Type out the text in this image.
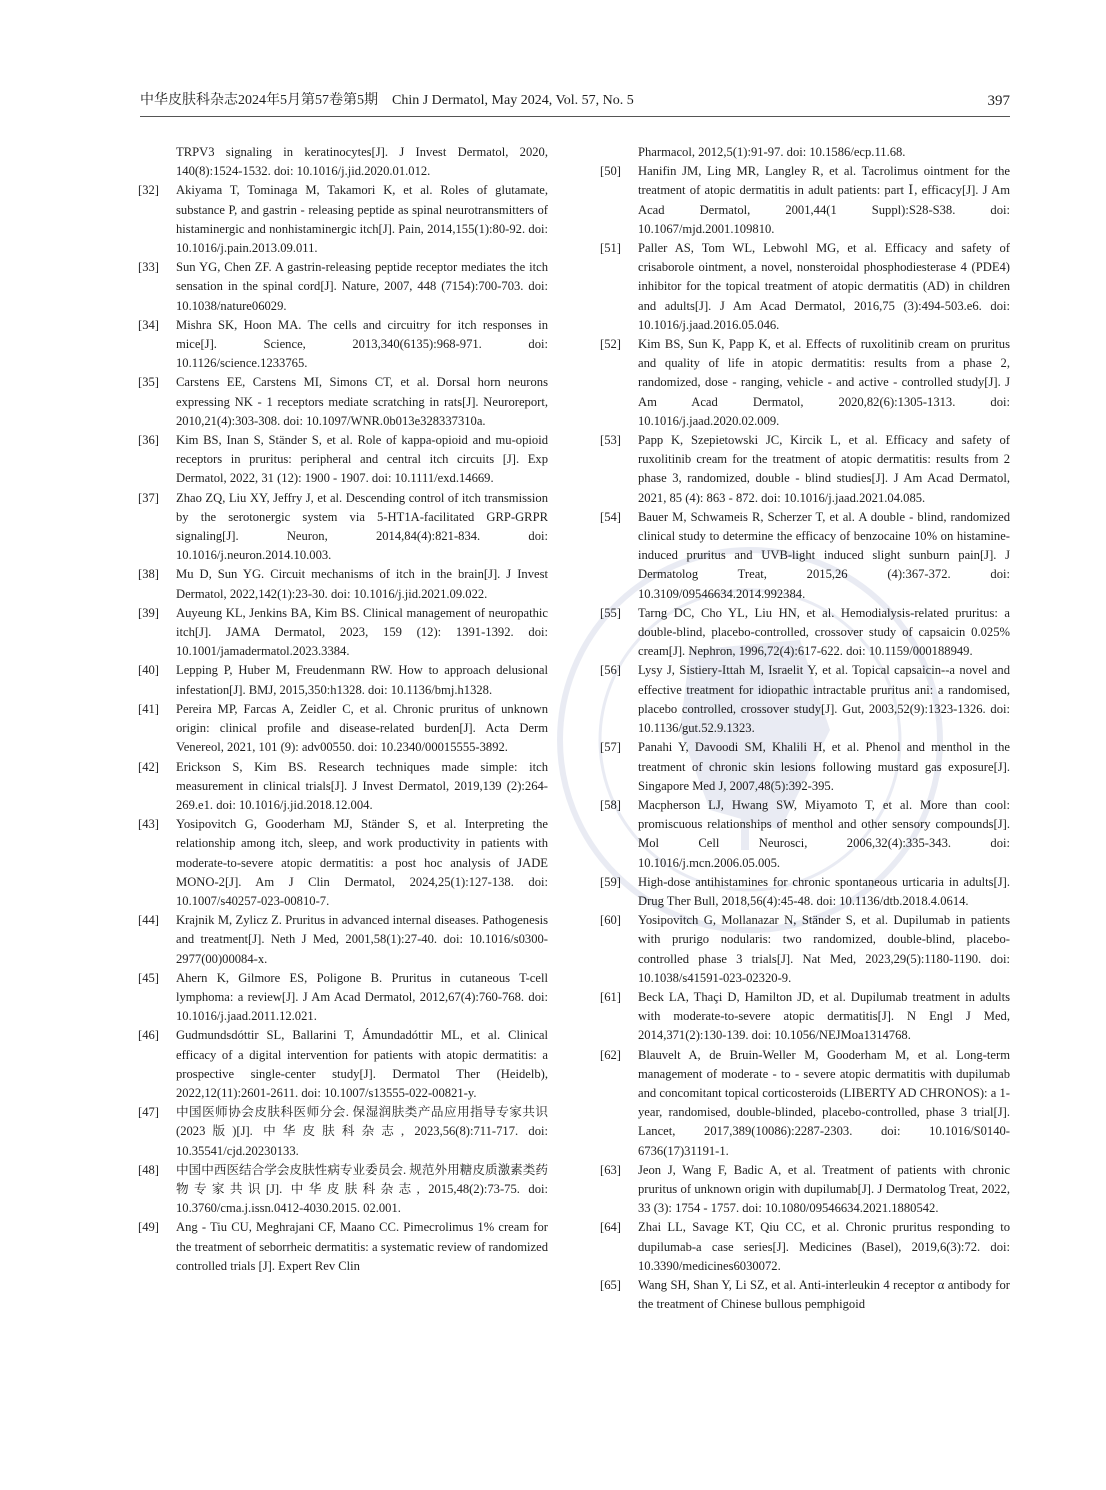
中华皮肤科杂志2024年5月第57卷第5期　Chin J Dermatol, May 2024, Vol. 57, No. 5	397
TRPV3 signaling in keratinocytes[J]. J Invest Dermatol, 2020, 140(8):1524-1532. doi: 10.1016/j.jid.2020.01.012.
[32]	Akiyama T, Tominaga M, Takamori K, et al. Roles of glutamate, substance P, and gastrin - releasing peptide as spinal neurotransmitters of histaminergic and nonhistaminergic itch[J]. Pain, 2014,155(1):80-92. doi: 10.1016/j.pain.2013.09.011.
[33]	Sun YG, Chen ZF. A gastrin-releasing peptide receptor mediates the itch sensation in the spinal cord[J]. Nature, 2007, 448 (7154):700-703. doi: 10.1038/nature06029.
[34]	Mishra SK, Hoon MA. The cells and circuitry for itch responses in mice[J]. Science, 2013,340(6135):968-971. doi: 10.1126/science.1233765.
[35]	Carstens EE, Carstens MI, Simons CT, et al. Dorsal horn neurons expressing NK - 1 receptors mediate scratching in rats[J]. Neuroreport, 2010,21(4):303-308. doi: 10.1097/WNR.0b013e328337310a.
[36]	Kim BS, Inan S, Ständer S, et al. Role of kappa-opioid and mu-opioid receptors in pruritus: peripheral and central itch circuits [J]. Exp Dermatol, 2022, 31 (12): 1900 - 1907. doi: 10.1111/exd.14669.
[37]	Zhao ZQ, Liu XY, Jeffry J, et al. Descending control of itch transmission by the serotonergic system via 5-HT1A-facilitated GRP-GRPR signaling[J]. Neuron, 2014,84(4):821-834. doi: 10.1016/j.neuron.2014.10.003.
[38]	Mu D, Sun YG. Circuit mechanisms of itch in the brain[J]. J Invest Dermatol, 2022,142(1):23-30. doi: 10.1016/j.jid.2021.09.022.
[39]	Auyeung KL, Jenkins BA, Kim BS. Clinical management of neuropathic itch[J]. JAMA Dermatol, 2023, 159 (12): 1391-1392. doi: 10.1001/jamadermatol.2023.3384.
[40]	Lepping P, Huber M, Freudenmann RW. How to approach delusional infestation[J]. BMJ, 2015,350:h1328. doi: 10.1136/bmj.h1328.
[41]	Pereira MP, Farcas A, Zeidler C, et al. Chronic pruritus of unknown origin: clinical profile and disease-related burden[J]. Acta Derm Venereol, 2021, 101 (9): adv00550. doi: 10.2340/00015555-3892.
[42]	Erickson S, Kim BS. Research techniques made simple: itch measurement in clinical trials[J]. J Invest Dermatol, 2019,139 (2):264-269.e1. doi: 10.1016/j.jid.2018.12.004.
[43]	Yosipovitch G, Gooderham MJ, Ständer S, et al. Interpreting the relationship among itch, sleep, and work productivity in patients with moderate-to-severe atopic dermatitis: a post hoc analysis of JADE MONO-2[J]. Am J Clin Dermatol, 2024,25(1):127-138. doi: 10.1007/s40257-023-00810-7.
[44]	Krajnik M, Zylicz Z. Pruritus in advanced internal diseases. Pathogenesis and treatment[J]. Neth J Med, 2001,58(1):27-40. doi: 10.1016/s0300-2977(00)00084-x.
[45]	Ahern K, Gilmore ES, Poligone B. Pruritus in cutaneous T-cell lymphoma: a review[J]. J Am Acad Dermatol, 2012,67(4):760-768. doi: 10.1016/j.jaad.2011.12.021.
[46]	Gudmundsdóttir SL, Ballarini T, Ámundadóttir ML, et al. Clinical efficacy of a digital intervention for patients with atopic dermatitis: a prospective single-center study[J]. Dermatol Ther (Heidelb), 2022,12(11):2601-2611. doi: 10.1007/s13555-022-00821-y.
[47]	中国医师协会皮肤科医师分会. 保湿润肤类产品应用指导专家共识(2023版)[J]. 中华皮肤科杂志, 2023,56(8):711-717. doi: 10.35541/cjd.20230133.
[48]	中国中西医结合学会皮肤性病专业委员会. 规范外用糖皮质激素类药物专家共识[J]. 中华皮肤科杂志, 2015,48(2):73-75. doi: 10.3760/cma.j.issn.0412-4030.2015. 02.001.
[49]	Ang - Tiu CU, Meghrajani CF, Maano CC. Pimecrolimus 1% cream for the treatment of seborrheic dermatitis: a systematic review of randomized controlled trials [J]. Expert Rev Clin
Pharmacol, 2012,5(1):91-97. doi: 10.1586/ecp.11.68.
[50]	Hanifin JM, Ling MR, Langley R, et al. Tacrolimus ointment for the treatment of atopic dermatitis in adult patients: part Ⅰ, efficacy[J]. J Am Acad Dermatol, 2001,44(1 Suppl):S28-S38. doi: 10.1067/mjd.2001.109810.
[51]	Paller AS, Tom WL, Lebwohl MG, et al. Efficacy and safety of crisaborole ointment, a novel, nonsteroidal phosphodiesterase 4 (PDE4) inhibitor for the topical treatment of atopic dermatitis (AD) in children and adults[J]. J Am Acad Dermatol, 2016,75 (3):494-503.e6. doi: 10.1016/j.jaad.2016.05.046.
[52]	Kim BS, Sun K, Papp K, et al. Effects of ruxolitinib cream on pruritus and quality of life in atopic dermatitis: results from a phase 2, randomized, dose - ranging, vehicle - and active - controlled study[J]. J Am Acad Dermatol, 2020,82(6):1305-1313. doi: 10.1016/j.jaad.2020.02.009.
[53]	Papp K, Szepietowski JC, Kircik L, et al. Efficacy and safety of ruxolitinib cream for the treatment of atopic dermatitis: results from 2 phase 3, randomized, double - blind studies[J]. J Am Acad Dermatol, 2021, 85 (4): 863 - 872. doi: 10.1016/j.jaad.2021.04.085.
[54]	Bauer M, Schwameis R, Scherzer T, et al. A double - blind, randomized clinical study to determine the efficacy of benzocaine 10% on histamine-induced pruritus and UVB-light induced slight sunburn pain[J]. J Dermatolog Treat, 2015,26 (4):367-372. doi: 10.3109/09546634.2014.992384.
[55]	Tarng DC, Cho YL, Liu HN, et al. Hemodialysis-related pruritus: a double-blind, placebo-controlled, crossover study of capsaicin 0.025% cream[J]. Nephron, 1996,72(4):617-622. doi: 10.1159/000188949.
[56]	Lysy J, Sistiery-Ittah M, Israelit Y, et al. Topical capsaicin--a novel and effective treatment for idiopathic intractable pruritus ani: a randomised, placebo controlled, crossover study[J]. Gut, 2003,52(9):1323-1326. doi: 10.1136/gut.52.9.1323.
[57]	Panahi Y, Davoodi SM, Khalili H, et al. Phenol and menthol in the treatment of chronic skin lesions following mustard gas exposure[J]. Singapore Med J, 2007,48(5):392-395.
[58]	Macpherson LJ, Hwang SW, Miyamoto T, et al. More than cool: promiscuous relationships of menthol and other sensory compounds[J]. Mol Cell Neurosci, 2006,32(4):335-343. doi: 10.1016/j.mcn.2006.05.005.
[59]	High-dose antihistamines for chronic spontaneous urticaria in adults[J]. Drug Ther Bull, 2018,56(4):45-48. doi: 10.1136/dtb.2018.4.0614.
[60]	Yosipovitch G, Mollanazar N, Ständer S, et al. Dupilumab in patients with prurigo nodularis: two randomized, double-blind, placebo-controlled phase 3 trials[J]. Nat Med, 2023,29(5):1180-1190. doi: 10.1038/s41591-023-02320-9.
[61]	Beck LA, Thaçi D, Hamilton JD, et al. Dupilumab treatment in adults with moderate-to-severe atopic dermatitis[J]. N Engl J Med, 2014,371(2):130-139. doi: 10.1056/NEJMoa1314768.
[62]	Blauvelt A, de Bruin-Weller M, Gooderham M, et al. Long-term management of moderate - to - severe atopic dermatitis with dupilumab and concomitant topical corticosteroids (LIBERTY AD CHRONOS): a 1-year, randomised, double-blinded, placebo-controlled, phase 3 trial[J]. Lancet, 2017,389(10086):2287-2303. doi: 10.1016/S0140-6736(17)31191-1.
[63]	Jeon J, Wang F, Badic A, et al. Treatment of patients with chronic pruritus of unknown origin with dupilumab[J]. J Dermatolog Treat, 2022, 33 (3): 1754 - 1757. doi: 10.1080/09546634.2021.1880542.
[64]	Zhai LL, Savage KT, Qiu CC, et al. Chronic pruritus responding to dupilumab-a case series[J]. Medicines (Basel), 2019,6(3):72. doi: 10.3390/medicines6030072.
[65]	Wang SH, Shan Y, Li SZ, et al. Anti-interleukin 4 receptor α antibody for the treatment of Chinese bullous pemphigoid
